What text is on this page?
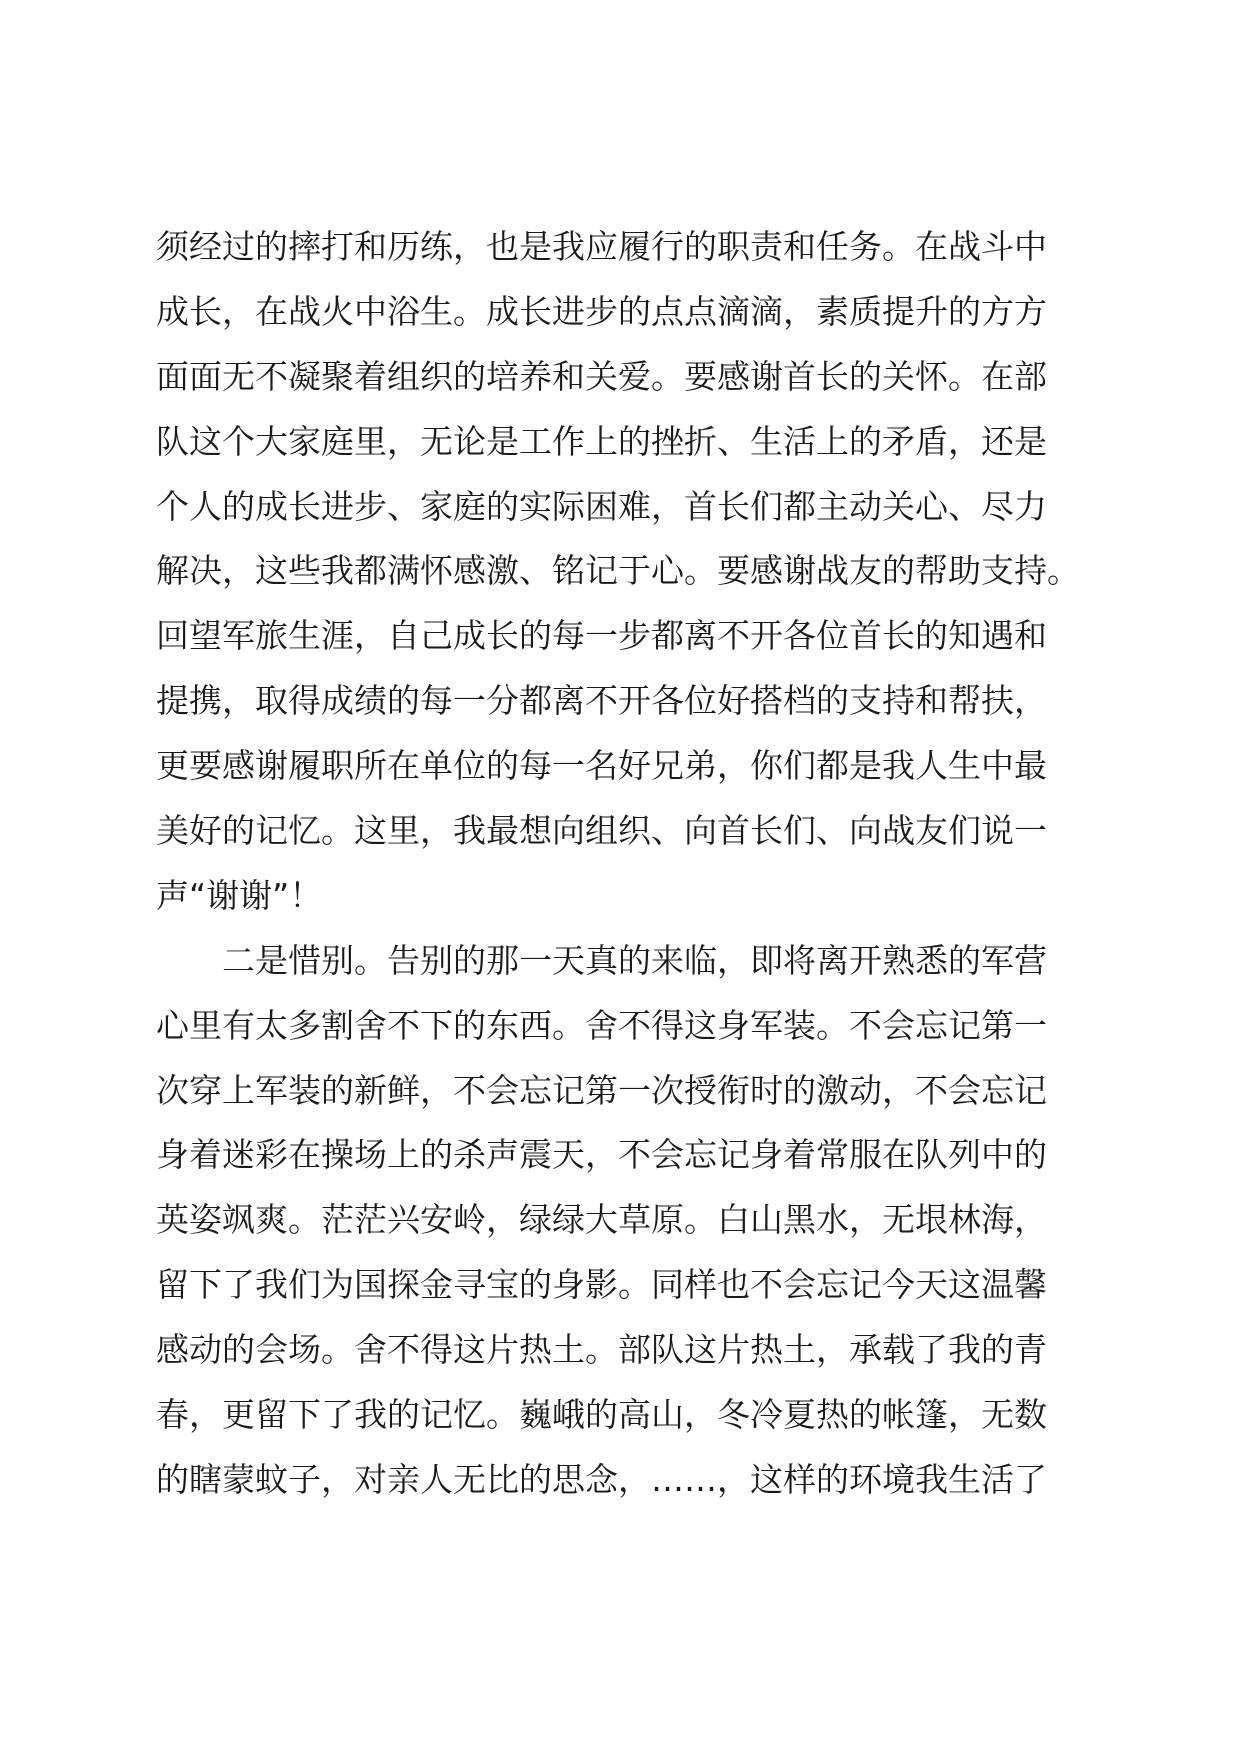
须经过的摔打和历练，也是我应履行的职责和任务。在战斗中
成长，在战火中浴生。成长进步的点点滴滴，素质提升的方方
面面无不凝聚着组织的培养和关爱。要感谢首长的关怀。在部
队这个大家庭里，无论是工作上的挫折、生活上的矛盾，还是
个人的成长进步、家庭的实际困难，首长们都主动关心、尽力
解决，这些我都满怀感激、铭记于心。要感谢战友的帮助支持。
回望军旅生涯，自己成长的每一步都离不开各位首长的知遇和
提携，取得成绩的每一分都离不开各位好搭档的支持和帮扶，
更要感谢履职所在单位的每一名好兄弟，你们都是我人生中最
美好的记忆。这里，我最想向组织、向首长们、向战友们说一
声“谢谢”！
二是惜别。告别的那一天真的来临，即将离开熟悉的军营
心里有太多割舍不下的东西。舍不得这身军装。不会忘记第一
次穿上军装的新鲜，不会忘记第一次授衔时的激动，不会忘记
身着迷彩在操场上的杀声震天，不会忘记身着常服在队列中的
英姿飒爽。茫茫兴安岭，绿绿大草原。白山黑水，无垠林海，
留下了我们为国探金寻宝的身影。同样也不会忘记今天这温馨
感动的会场。舍不得这片热土。部队这片热土，承载了我的青
春，更留下了我的记忆。巍峨的高山，冬冷夏热的帐篷，无数
的瞎蒙蚊子，对亲人无比的思念，……，这样的环境我生活了
